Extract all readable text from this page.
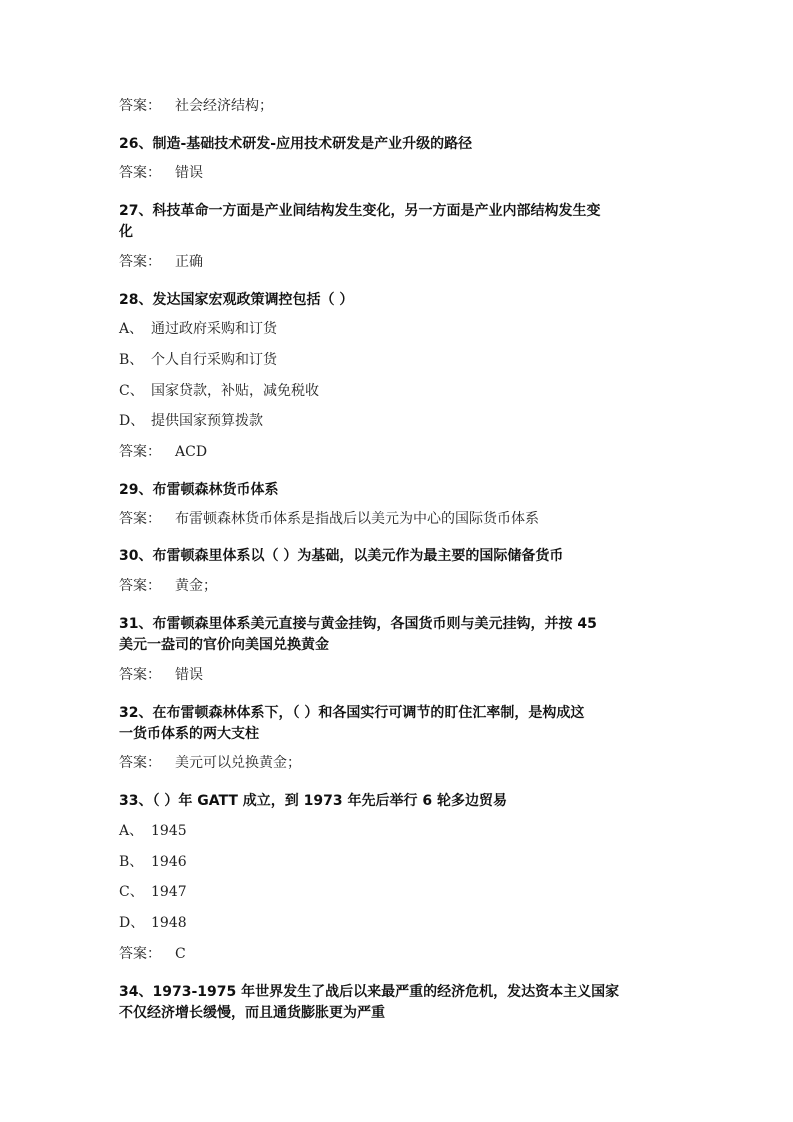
答案： 社会经济结构；

26、制造-基础技术研发-应用技术研发是产业升级的路径

答案： 错误

27、科技革命一方面是产业间结构发生变化，另一方面是产业内部结构发生变

化

答案： 正确

28、发达国家宏观政策调控包括（ ）

A、 通过政府采购和订货

B、 个人自行采购和订货

C、 国家贷款，补贴，减免税收

D、 提供国家预算拨款

答案： ACD

29、布雷顿森林货币体系

答案： 布雷顿森林货币体系是指战后以美元为中心的国际货币体系

30、布雷顿森里体系以（ ）为基础，以美元作为最主要的国际储备货币

答案： 黄金；

31、布雷顿森里体系美元直接与黄金挂钩，各国货币则与美元挂钩，并按 45

美元一盎司的官价向美国兑换黄金

答案： 错误

32、在布雷顿森林体系下，（ ）和各国实行可调节的盯住汇率制，是构成这

一货币体系的两大支柱

答案： 美元可以兑换黄金；

33、（ ）年 GATT 成立，到 1973 年先后举行 6 轮多边贸易

A、 1945

B、 1946

C、 1947

D、 1948

答案： C

34、1973-1975 年世界发生了战后以来最严重的经济危机，发达资本主义国家

不仅经济增长缓慢，而且通货膨胀更为严重
